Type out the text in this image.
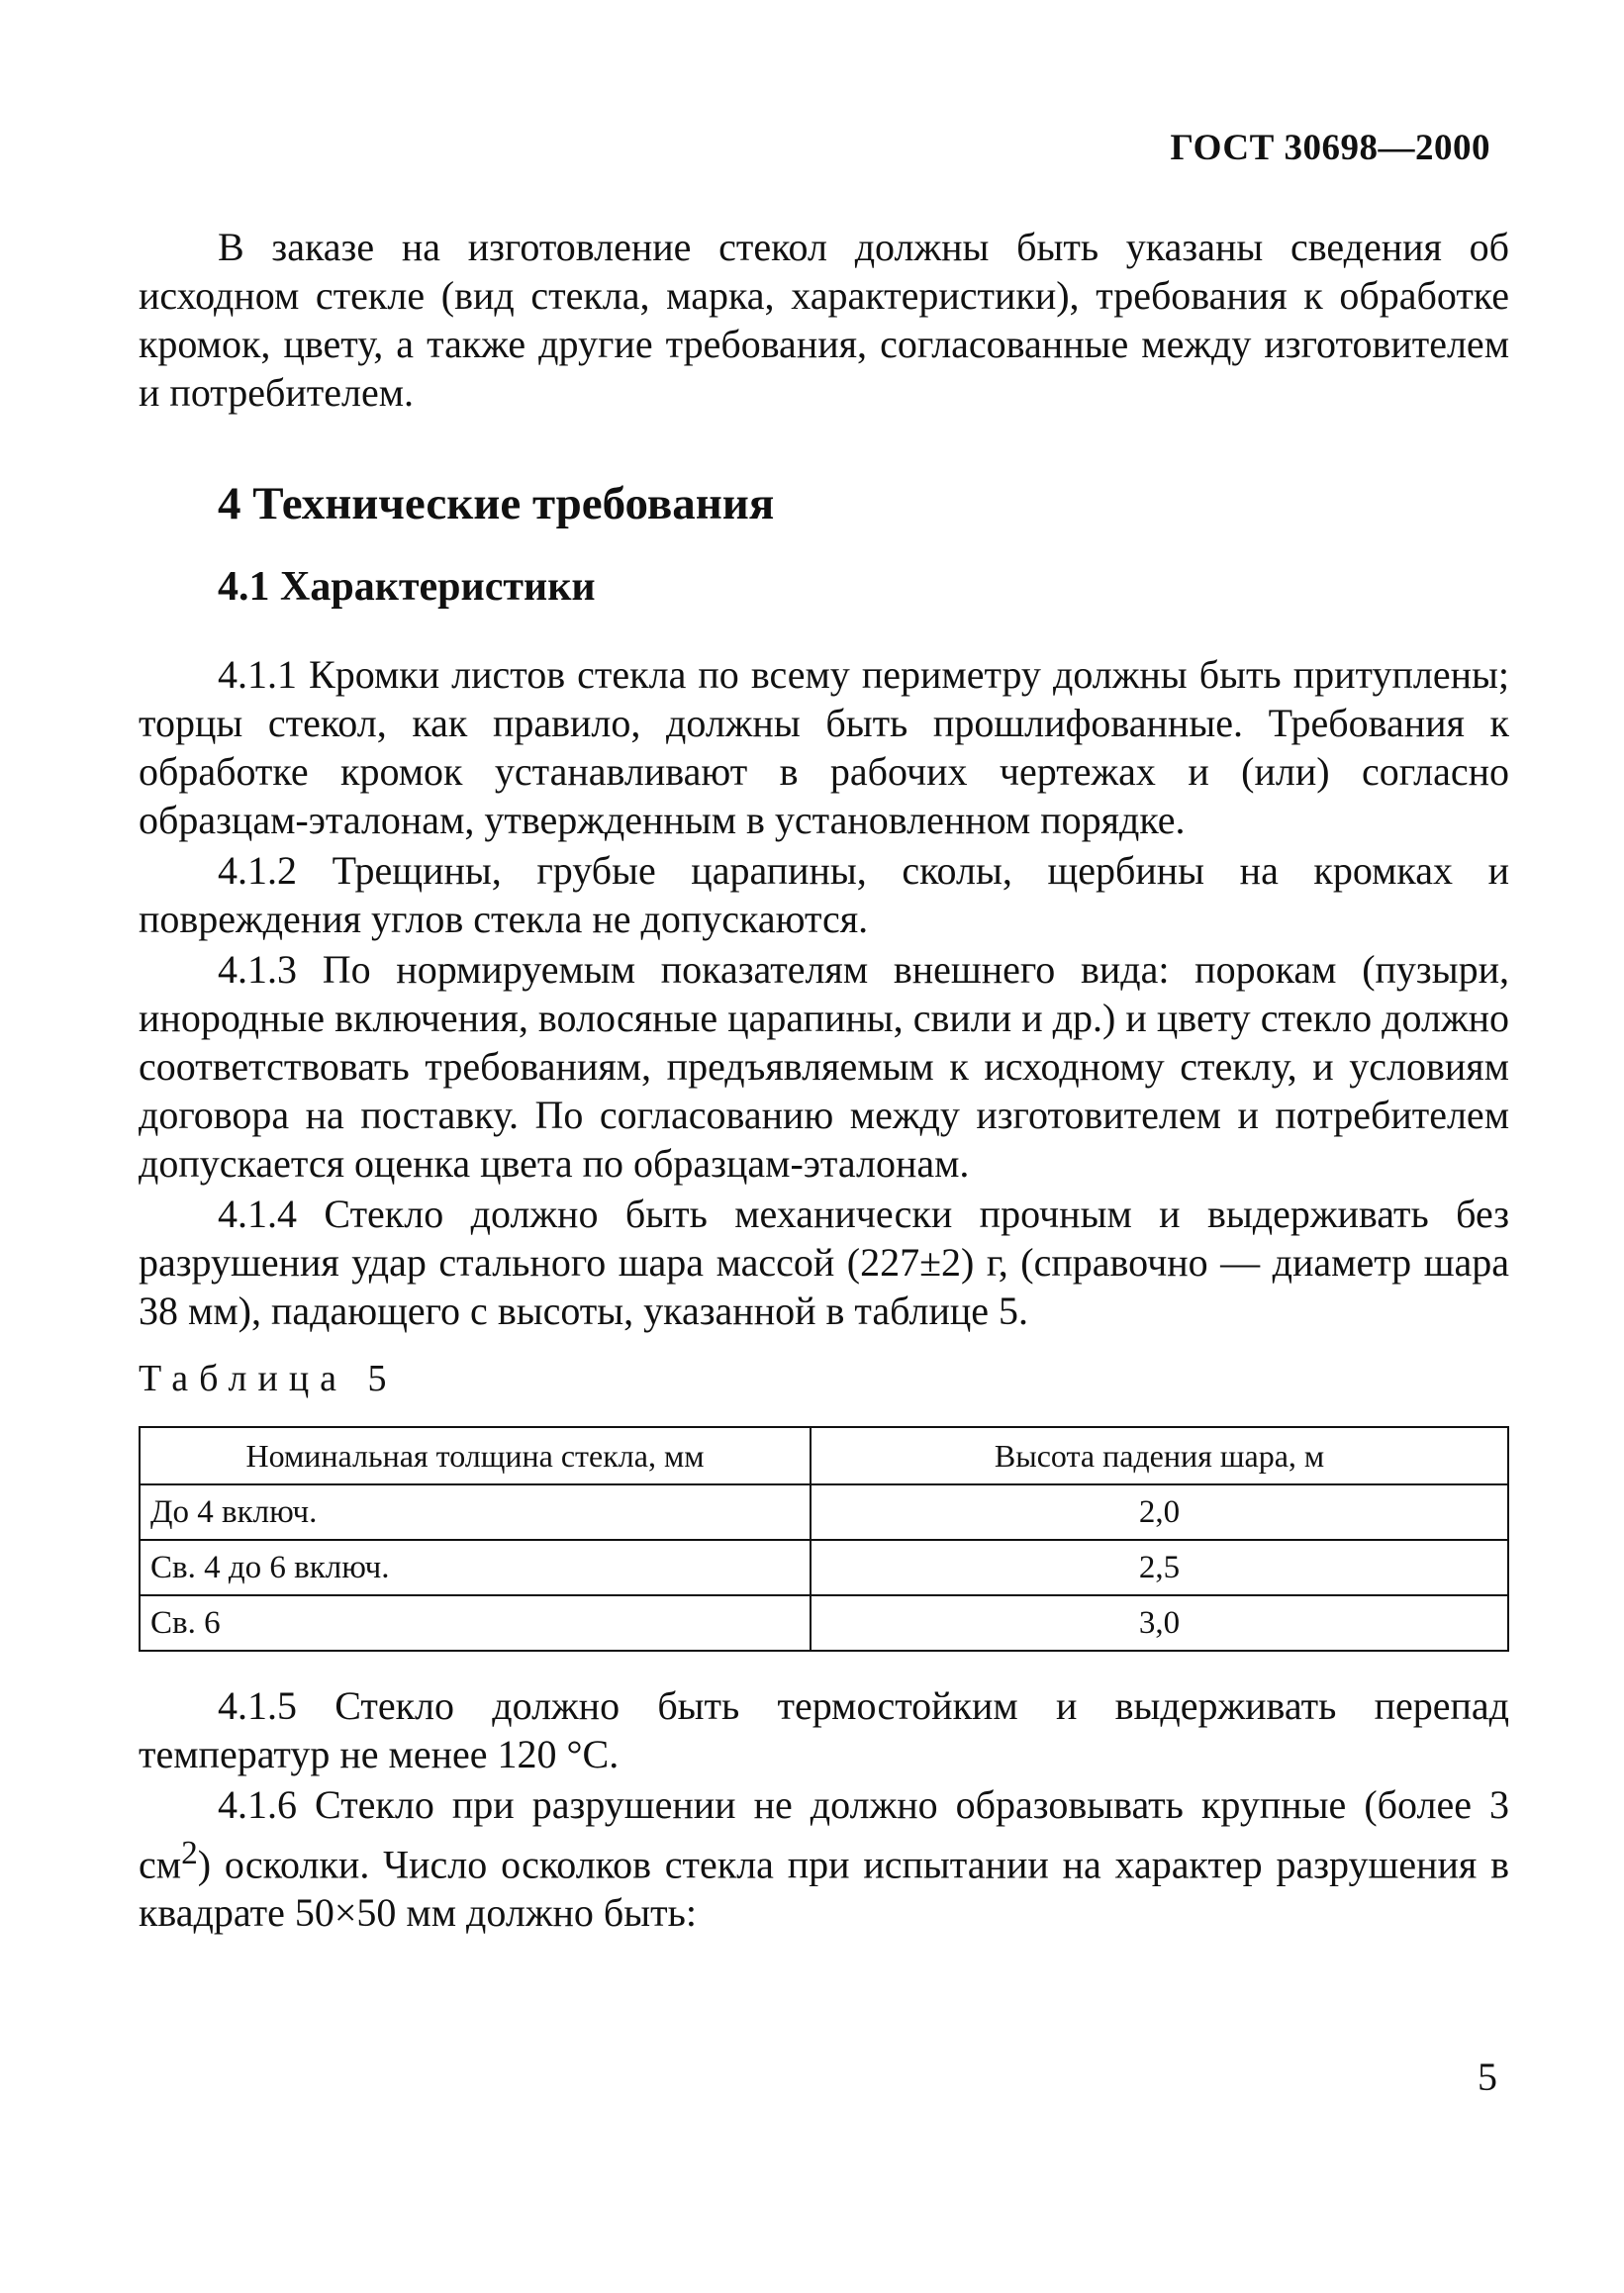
ГОСТ 30698—2000

В заказе на изготовление стекол должны быть указаны сведения об исходном стекле (вид стекла, марка, характеристики), требования к обработке кромок, цвету, а также другие требования, согласованные между изготовителем и потребителем.

4 Технические требования
4.1 Характеристики

4.1.1 Кромки листов стекла по всему периметру должны быть притуплены; торцы стекол, как правило, должны быть прошлифованные. Требования к обработке кромок устанавливают в рабочих чертежах и (или) согласно образцам-эталонам, утвержденным в установленном порядке.

4.1.2 Трещины, грубые царапины, сколы, щербины на кромках и повреждения углов стекла не допускаются.

4.1.3 По нормируемым показателям внешнего вида: порокам (пузыри, инородные включения, волосяные царапины, свили и др.) и цвету стекло должно соответствовать требованиям, предъявляемым к исходному стеклу, и условиям договора на поставку. По согласованию между изготовителем и потребителем допускается оценка цвета по образцам-эталонам.

4.1.4 Стекло должно быть механически прочным и выдерживать без разрушения удар стального шара массой (227±2) г, (справочно — диаметр шара 38 мм), падающего с высоты, указанной в таблице 5.

Таблица 5
Номинальная толщина стекла, мм	Высота падения шара, м
До 4 включ.	2,0
Св. 4 до 6 включ.	2,5
Св. 6	3,0

4.1.5 Стекло должно быть термостойким и выдерживать перепад температур не менее 120 °С.

4.1.6 Стекло при разрушении не должно образовывать крупные (более 3 $см^2$) осколки. Число осколков стекла при испытании на характер разрушения в квадрате 50×50 мм должно быть:

5
